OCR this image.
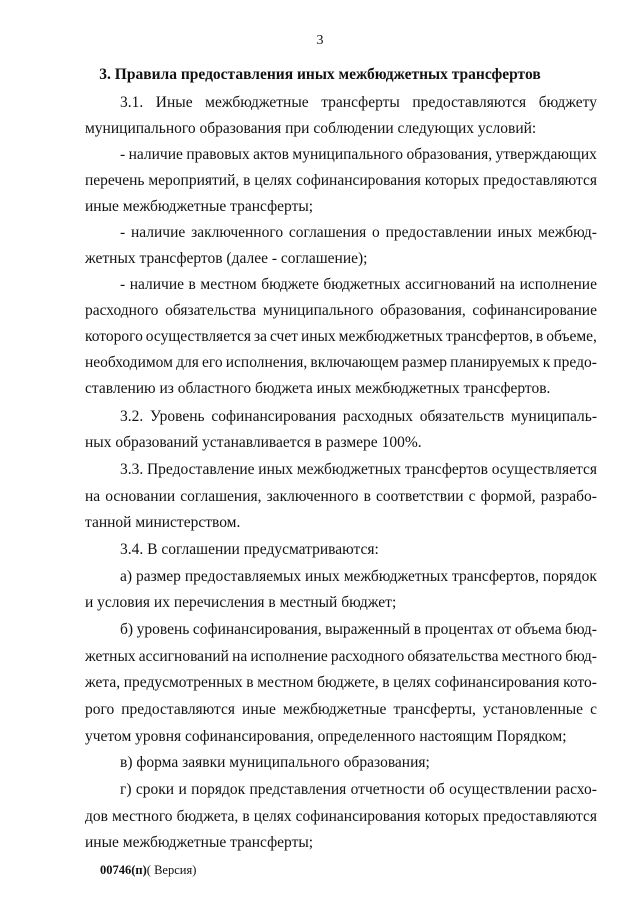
3
3. Правила предоставления иных межбюджетных трансфертов
3.1. Иные межбюджетные трансферты предоставляются бюджету
муниципального образования при соблюдении следующих условий:
- наличие правовых актов муниципального образования, утверждающих
перечень мероприятий, в целях софинансирования которых предоставляются
иные межбюджетные трансферты;
- наличие заключенного соглашения о предоставлении иных межбюд-
жетных трансфертов (далее - соглашение);
- наличие в местном бюджете бюджетных ассигнований на исполнение
расходного обязательства муниципального образования, софинансирование
которого осуществляется за счет иных межбюджетных трансфертов, в объеме,
необходимом для его исполнения, включающем размер планируемых к предо-
ставлению из областного бюджета иных межбюджетных трансфертов.
3.2. Уровень софинансирования расходных обязательств муниципаль-
ных образований устанавливается в размере 100%.
3.3. Предоставление иных межбюджетных трансфертов осуществляется
на основании соглашения, заключенного в соответствии с формой, разрабо-
танной министерством.
3.4. В соглашении предусматриваются:
а) размер предоставляемых иных межбюджетных трансфертов, порядок
и условия их перечисления в местный бюджет;
б) уровень софинансирования, выраженный в процентах от объема бюд-
жетных ассигнований на исполнение расходного обязательства местного бюд-
жета, предусмотренных в местном бюджете, в целях софинансирования кото-
рого предоставляются иные межбюджетные трансферты, установленные с
учетом уровня софинансирования, определенного настоящим Порядком;
в) форма заявки муниципального образования;
г) сроки и порядок представления отчетности об осуществлении расхо-
дов местного бюджета, в целях софинансирования которых предоставляются
иные межбюджетные трансферты;
00746(п)( Версия)
